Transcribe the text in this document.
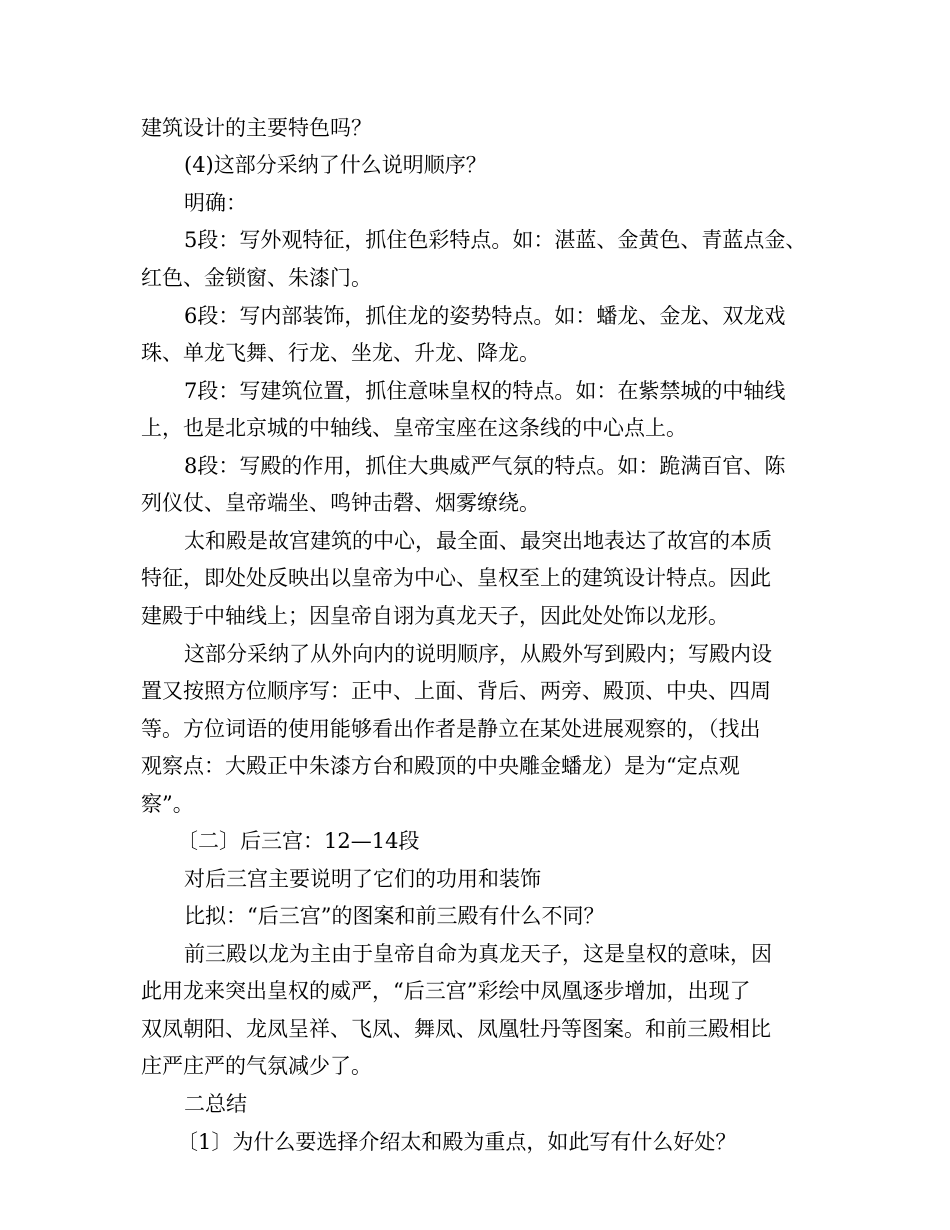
建筑设计的主要特色吗？
(4)这部分采纳了什么说明顺序？
明确：
5段：写外观特征，抓住色彩特点。如：湛蓝、金黄色、青蓝点金、
红色、金锁窗、朱漆门。
6段：写内部装饰，抓住龙的姿势特点。如：蟠龙、金龙、双龙戏
珠、单龙飞舞、行龙、坐龙、升龙、降龙。
7段：写建筑位置，抓住意味皇权的特点。如：在紫禁城的中轴线
上，也是北京城的中轴线、皇帝宝座在这条线的中心点上。
8段：写殿的作用，抓住大典威严气氛的特点。如：跪满百官、陈
列仪仗、皇帝端坐、鸣钟击磬、烟雾缭绕。
太和殿是故宫建筑的中心，最全面、最突出地表达了故宫的本质
特征，即处处反映出以皇帝为中心、皇权至上的建筑设计特点。因此
建殿于中轴线上；因皇帝自诩为真龙天子，因此处处饰以龙形。
这部分采纳了从外向内的说明顺序，从殿外写到殿内；写殿内设
置又按照方位顺序写：正中、上面、背后、两旁、殿顶、中央、四周
等。方位词语的使用能够看出作者是静立在某处进展观察的，（找出
观察点：大殿正中朱漆方台和殿顶的中央雕金蟠龙）是为“定点观
察”。
〔二〕后三宫：12—14段
对后三宫主要说明了它们的功用和装饰
比拟：“后三宫”的图案和前三殿有什么不同？
前三殿以龙为主由于皇帝自命为真龙天子，这是皇权的意味，因
此用龙来突出皇权的威严，“后三宫”彩绘中凤凰逐步增加，出现了
双凤朝阳、龙凤呈祥、飞凤、舞凤、凤凰牡丹等图案。和前三殿相比
庄严庄严的气氛减少了。
二总结
〔1〕为什么要选择介绍太和殿为重点，如此写有什么好处？
